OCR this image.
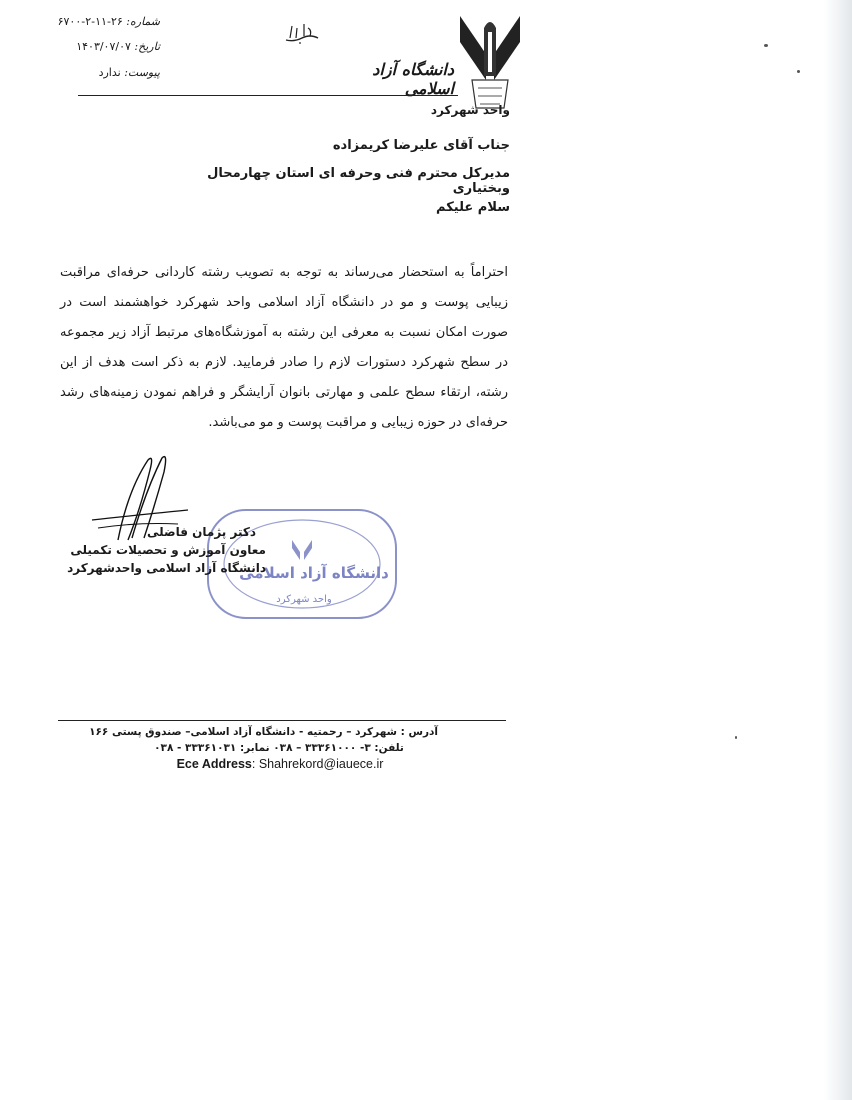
دانشگاه آزاد اسلامی
واحد شهرکرد
شماره: ۲۶-۱۱-۲-۶۷۰۰
تاریخ: ۱۴۰۳/۰۷/۰۷
پیوست: ندارد
جناب آقای علیرضا کریمزاده
مدیرکل محترم فنی وحرفه ای استان چهارمحال وبختیاری
سلام علیکم
احتراماً به استحضار می‌رساند به توجه به تصویب رشته کاردانی حرفه‌ای مراقبت زیبایی پوست و مو در دانشگاه آزاد اسلامی واحد شهرکرد خواهشمند است در صورت امکان نسبت به معرفی این رشته به آموزشگاه‌های مرتبط آزاد زیر مجموعه در سطح شهرکرد دستورات لازم را صادر فرمایید. لازم به ذکر است هدف از این رشته، ارتقاء سطح علمی و مهارتی بانوان آرایشگر و فراهم نمودن زمینه‌های رشد حرفه‌ای در حوزه زیبایی و مراقبت پوست و مو می‌باشد.
دانشگاه آزاد اسلامی
واحد شهرکرد
دکتر پژمان فاضلی
معاون آموزش و تحصیلات تکمیلی
دانشگاه آزاد اسلامی واحدشهرکرد
آدرس : شهرکرد – رحمتیه - دانشگاه آزاد اسلامی– صندوق پستی ۱۶۶
تلفن: ۳- ۳۳۳۶۱۰۰۰ – ۰۳۸ نمابر: ۳۳۳۶۱۰۳۱ - ۰۳۸
Ece Address: Shahrekord@iauece.ir
